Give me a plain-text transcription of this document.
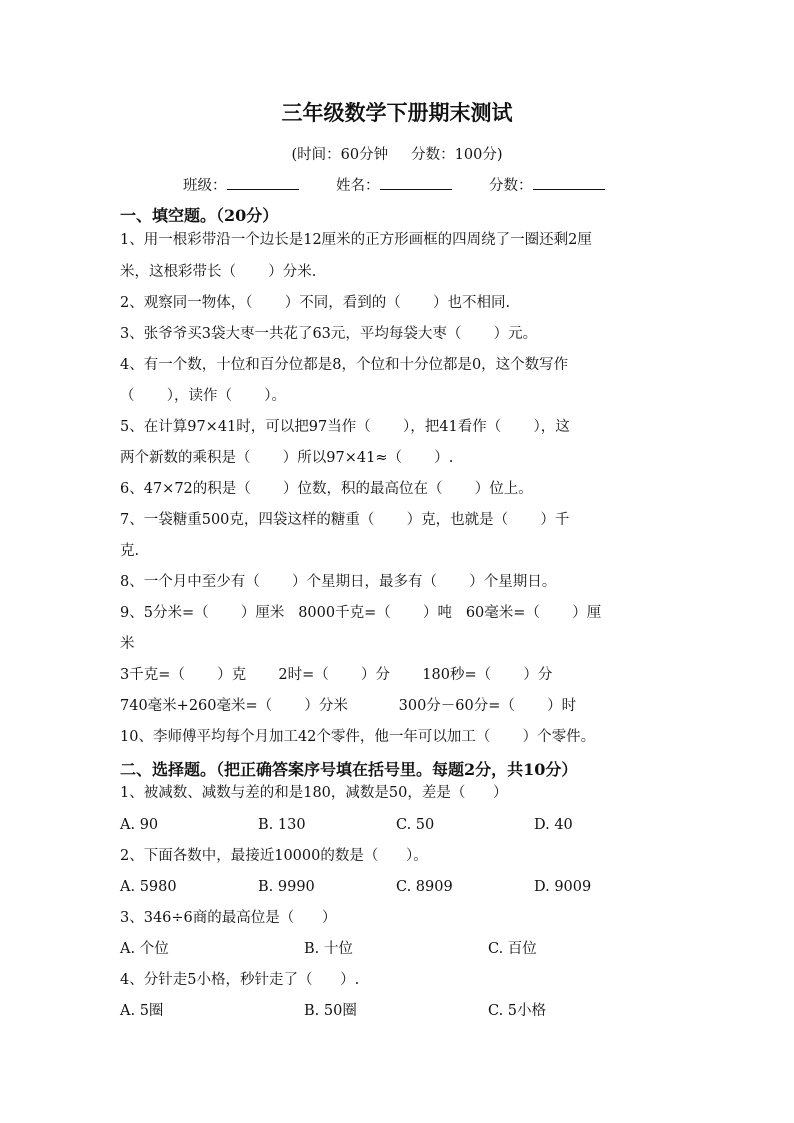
三年级数学下册期末测试
(时间：60分钟     分数：100分)
班级：	姓名：	分数：
一、填空题。（20分）
1、用一根彩带沿一个边长是12厘米的正方形画框的四周绕了一圈还剩2厘
米，这根彩带长（       ）分米.
2、观察同一物体，（       ）不同，看到的（       ）也不相同.
3、张爷爷买3袋大枣一共花了63元，平均每袋大枣（       ）元。
4、有一个数，十位和百分位都是8，个位和十分位都是0，这个数写作
（       ），读作（       ）。
5、在计算97×41时，可以把97当作（       ），把41看作（       ），这
两个新数的乘积是（       ）所以97×41≈（       ）.
6、47×72的积是（       ）位数，积的最高位在（       ）位上。
7、一袋糖重500克，四袋这样的糖重（       ）克，也就是（       ）千
克.
8、一个月中至少有（       ）个星期日，最多有（       ）个星期日。
9、5分米=（       ）厘米   8000千克=（       ）吨   60毫米=（       ）厘
米
3千克=（       ）克       2时=（       ）分       180秒=（       ）分
740毫米+260毫米=（       ）分米           300分－60分=（       ）时
10、李师傅平均每个月加工42个零件，他一年可以加工（       ）个零件。
二、选择题。（把正确答案序号填在括号里。每题2分，共10分）
1、被减数、减数与差的和是180，减数是50，差是（      ）
A. 90	B. 130	C. 50	D. 40
2、下面各数中，最接近10000的数是（      ）。
A. 5980	B. 9990	C. 8909	D. 9009
3、346÷6商的最高位是（      ）
A. 个位	B. 十位	C. 百位
4、分针走5小格，秒针走了（      ）.
A. 5圈	B. 50圈	C. 5小格
